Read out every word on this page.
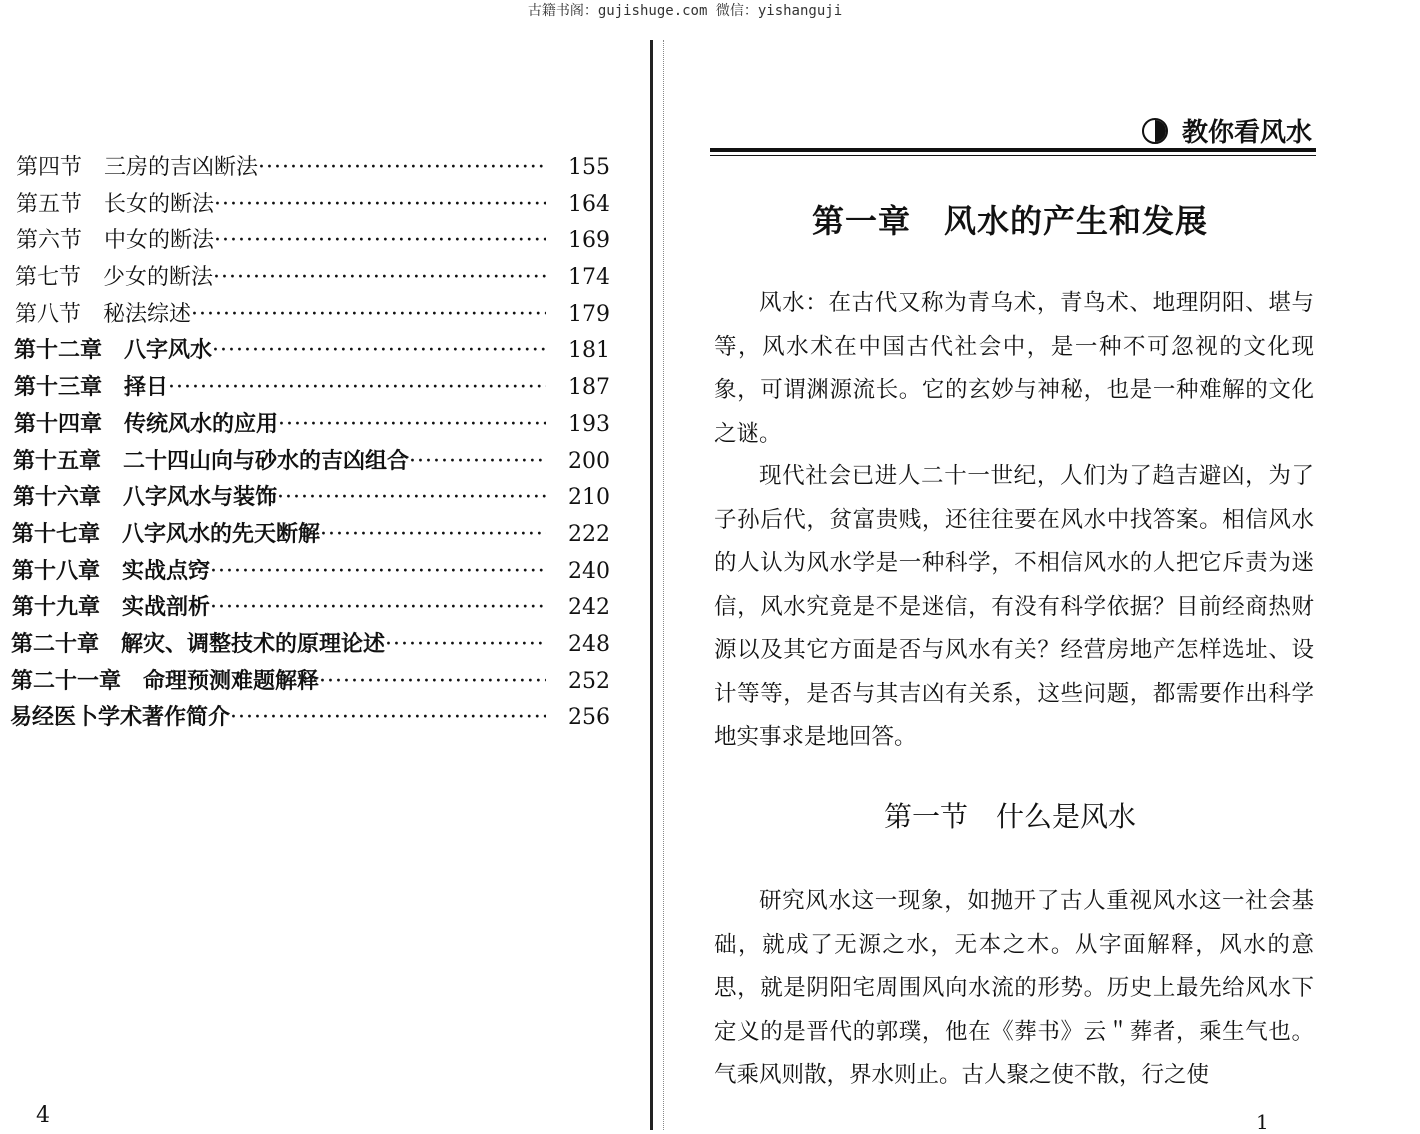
古籍书阁：gujishuge.com 微信：yishanguji
第四节 三房的吉凶断法 ·····	155
第五节 长女的断法 ·····	164
第六节 中女的断法 ·····	169
第七节 少女的断法 ·····	174
第八节 秘法综述 ·····	179
第十二章 八字风水 ·····	181
第十三章 择日 ·····	187
第十四章 传统风水的应用 ·····	193
第十五章 二十四山向与砂水的吉凶组合 ·····	200
第十六章 八字风水与装饰 ·····	210
第十七章 八字风水的先天断解 ·····	222
第十八章 实战点窍 ·····	240
第十九章 实战剖析 ·····	242
第二十章 解灾、调整技术的原理论述 ·····	248
第二十一章 命理预测难题解释 ·····	252
易经医卜学术著作简介 ·····	256
4
教你看风水
第一章　风水的产生和发展
风水：在古代又称为青乌术，青鸟术、地理阴阳、堪与等，风水术在中国古代社会中，是一种不可忽视的文化现象，可谓渊源流长。它的玄妙与神秘，也是一种难解的文化之谜。
现代社会已进人二十一世纪，人们为了趋吉避凶，为了子孙后代，贫富贵贱，还往往要在风水中找答案。相信风水的人认为风水学是一种科学，不相信风水的人把它斥责为迷信，风水究竟是不是迷信，有没有科学依据？目前经商热财源以及其它方面是否与风水有关？经营房地产怎样选址、设计等等，是否与其吉凶有关系，这些问题，都需要作出科学地实事求是地回答。
第一节　什么是风水
研究风水这一现象，如抛开了古人重视风水这一社会基础，就成了无源之水，无本之木。从字面解释，风水的意思，就是阴阳宅周围风向水流的形势。历史上最先给风水下定义的是晋代的郭璞，他在《葬书》云＂葬者，乘生气也。气乘风则散，界水则止。古人聚之使不散，行之使
1
